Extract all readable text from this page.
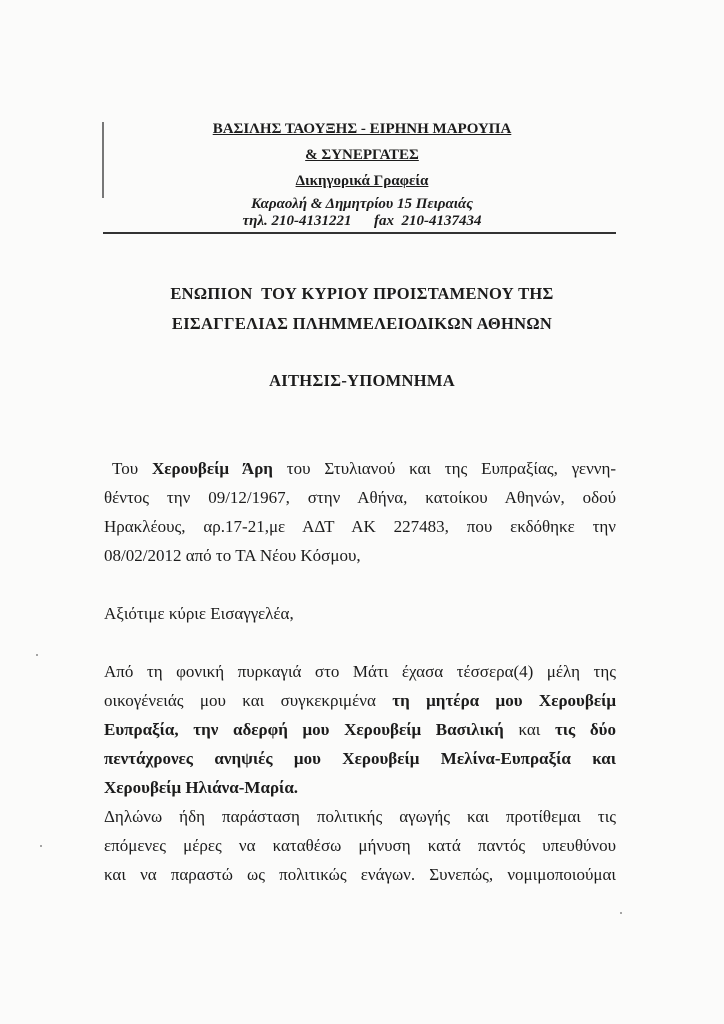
ΒΑΣΙΛΗΣ ΤΑΟΥΞΗΣ - ΕΙΡΗΝΗ ΜΑΡΟΥΠΑ
& ΣΥΝΕΡΓΑΤΕΣ
Δικηγορικά Γραφεία
Καραολή & Δημητρίου 15 Πειραιάς
τηλ. 210-4131221 fax  210-4137434
ΕΝΩΠΙΟΝ  ΤΟΥ ΚΥΡΙΟΥ ΠΡΟΙΣΤΑΜΕΝΟΥ ΤΗΣ
ΕΙΣΑΓΓΕΛΙΑΣ ΠΛΗΜΜΕΛΕΙΟΔΙΚΩΝ ΑΘΗΝΩΝ
ΑΙΤΗΣΙΣ-ΥΠΟΜΝΗΜΑ
Του Χερουβείμ Άρη του Στυλιανού και της Ευπραξίας, γεννη-
θέντος την 09/12/1967, στην Αθήνα, κατοίκου Αθηνών, οδού
Ηρακλέους, αρ.17-21,με ΑΔΤ ΑΚ 227483, που εκδόθηκε την
08/02/2012 από το ΤΑ Νέου Κόσμου,
Αξιότιμε κύριε Εισαγγελέα,
Από τη φονική πυρκαγιά στο Μάτι έχασα τέσσερα(4) μέλη της
οικογένειάς μου και συγκεκριμένα τη μητέρα μου Χερουβείμ
Ευπραξία, την αδερφή μου Χερουβείμ Βασιλική και τις δύο
πεντάχρονες ανηψιές μου Χερουβείμ Μελίνα-Ευπραξία και
Χερουβείμ Ηλιάνα-Μαρία.
Δηλώνω ήδη παράσταση πολιτικής αγωγής και προτίθεμαι τις
επόμενες μέρες να καταθέσω μήνυση κατά παντός υπευθύνου
και να παραστώ ως πολιτικώς ενάγων. Συνεπώς, νομιμοποιούμαι
